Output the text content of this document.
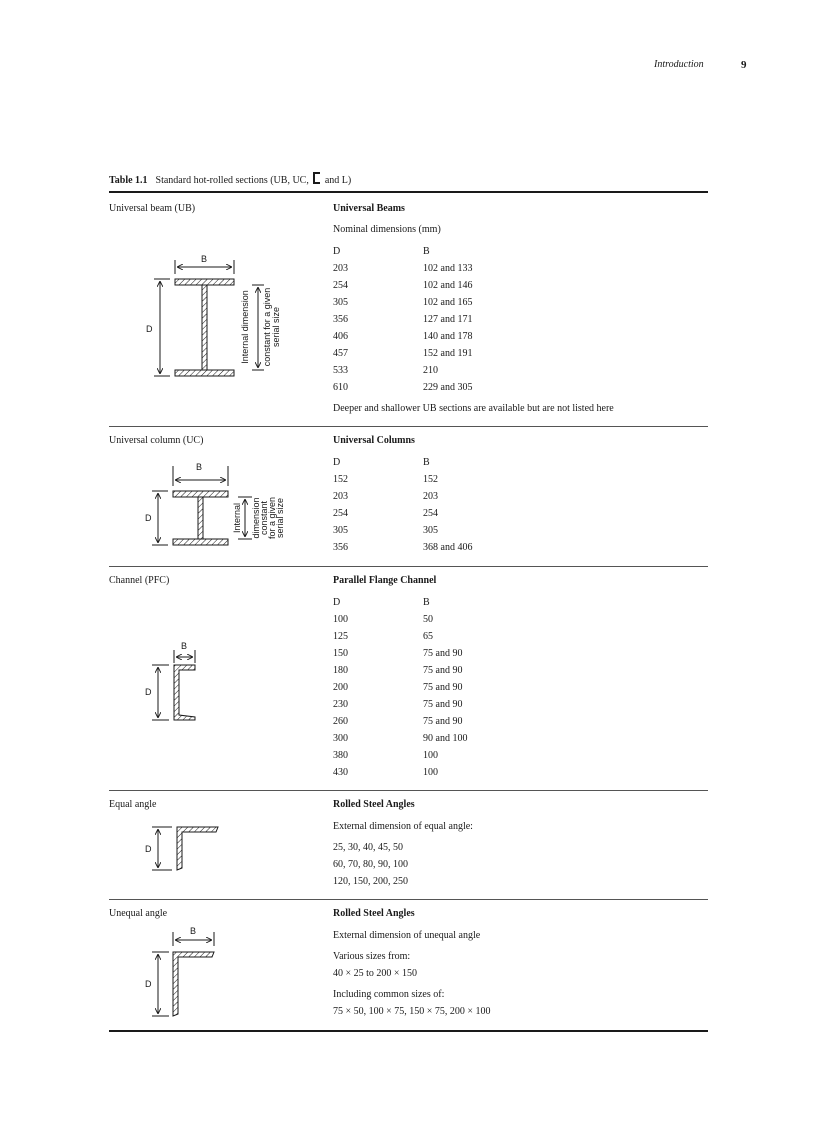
Introduction	9
Table 1.1 Standard hot-rolled sections (UB, UC, and L)
Universal beam (UB)	Universal Beams
Nominal dimensions (mm)
D	B
203	102 and 133
254	102 and 146
305	102 and 165
356	127 and 171
406	140 and 178
457	152 and 191
533	210
610	229 and 305
Deeper and shallower UB sections are available but are not listed here
B
D	Internal dimension constant for a given serial size
Universal column (UC)	Universal Columns
D	B
152	152
203	203
254	254
305	305
356	368 and 406
B
D	Internal dimension
constant
for a given
serial size
Channel (PFC)	Parallel Flange Channel
D	B
100	50
125	65
150	75 and 90
180	75 and 90
200	75 and 90
230	75 and 90
260	75 and 90
300	90 and 100
380	100
430	100
B
D
Equal angle	Rolled Steel Angles
External dimension of equal angle:
25, 30, 40, 45, 50
60, 70, 80, 90, 100
120, 150, 200, 250
D
Unequal angle	Rolled Steel Angles
External dimension of unequal angle
Various sizes from:
40 × 25 to 200 × 150
Including common sizes of:
75 × 50, 100 × 75, 150 × 75, 200 × 100
B
D
